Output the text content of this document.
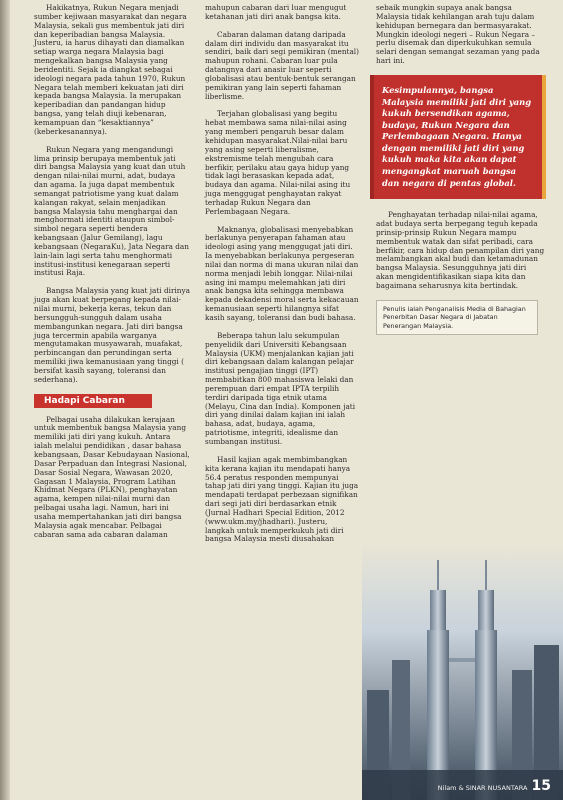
Hakikatnya, Rukun Negara menjadi sumber kejiwaan masyarakat dan negara Malaysia, sekali gus membentuk jati diri dan keperibadian bangsa Malaysia. Justeru, ia harus dihayati dan diamalkan setiap warga negara Malaysia bagi mengekalkan bangsa Malaysia yang beridentiti. Sejak ia diangkat sebagai ideologi negara pada tahun 1970, Rukun Negara telah memberi kekuatan jati diri kepada bangsa Malaysia. Ia merupakan keperibadian dan pandangan hidup bangsa, yang telah diuji kebenaran, kemampuan dan “kesaktiannya” (keberkesanannya).

Rukun Negara yang mengandungi lima prinsip berupaya membentuk jati diri bangsa Malaysia yang kuat dan utuh dengan nilai-nilai murni, adat, budaya dan agama. Ia juga dapat membentuk semangat patriotisme yang kuat dalam kalangan rakyat, selain menjadikan bangsa Malaysia tahu menghargai dan menghormati identiti ataupun simbol-simbol negara seperti bendera kebangsaan (Jalur Gemilang), lagu kebangsaan (NegaraKu), Jata Negara dan lain-lain lagi serta tahu menghormati institusi-institusi kenegaraan seperti institusi Raja.

Bangsa Malaysia yang kuat jati dirinya juga akan kuat berpegang kepada nilai-nilai murni, bekerja keras, tekun dan bersungguh-sungguh dalam usaha membangunkan negara. Jati diri bangsa juga tercermin apabila warganya mengutamakan musyawarah, muafakat, perbincangan dan perundingan serta memiliki jiwa kemanusiaan yang tinggi ( bersifat kasih sayang, toleransi dan sederhana).

Hadapi Cabaran

Pelbagai usaha dilakukan kerajaan untuk membentuk bangsa Malaysia yang memiliki jati diri yang kukuh. Antara ialah melalui pendidikan , dasar bahasa kebangsaan, Dasar Kebudayaan Nasional, Dasar Perpaduan dan Integrasi Nasional, Dasar Sosial Negara, Wawasan 2020, Gagasan 1 Malaysia, Program Latihan Khidmat Negara (PLKN), penghayatan agama, kempen nilai-nilai murni dan pelbagai usaha lagi. Namun, hari ini usaha mempertahankan jati diri bangsa Malaysia agak mencabar. Pelbagai cabaran sama ada cabaran dalaman

mahupun cabaran dari luar mengugut ketahanan jati diri anak bangsa kita.

Cabaran dalaman datang daripada dalam diri individu dan masyarakat itu sendiri, baik dari segi pemikiran (mental) mahupun rohani. Cabaran luar pula datangnya dari anasir luar seperti globalisasi atau bentuk-bentuk serangan pemikiran yang lain seperti fahaman liberlisme.

Terjahan globalisasi yang begitu hebat membawa sama nilai-nilai asing yang memberi pengaruh besar dalam kehidupan masyarakat.Nilai-nilai baru yang asing seperti liberalisme, ekstremisme telah mengubah cara berfikir, perilaku atau gaya hidup yang tidak lagi berasaskan kepada adat, budaya dan agama. Nilai-nilai asing itu juga menggugat penghayatan rakyat terhadap Rukun Negara dan Perlembagaan Negara.

Maknanya, globalisasi menyebabkan berlakunya penyerapan fahaman atau ideologi asing yang menggugat jati diri. Ia menyebabkan berlakunya pergeseran nilai dan norma di mana ukuran nilai dan norma menjadi lebih longgar. Nilai-nilai asing ini mampu melemahkan jati diri anak bangsa kita sehingga membawa kepada dekadensi moral serta kekacauan kemanusiaan seperti hilangnya sifat kasih sayang, toleransi dan budi bahasa.

Beberapa tahun lalu sekumpulan penyelidik dari Universiti Kebangsaan Malaysia (UKM) menjalankan kajian jati diri kebangsaan dalam kalangan pelajar institusi pengajian tinggi (IPT) membabitkan 800 mahasiswa lelaki dan perempuan dari empat IPTA terpilih terdiri daripada tiga etnik utama (Melayu, Cina dan India). Komponen jati diri yang dinilai dalam kajian ini ialah bahasa, adat, budaya, agama, patriotisme, integriti, idealisme dan sumbangan institusi.

Hasil kajian agak membimbangkan kita kerana kajian itu mendapati hanya 56.4 peratus responden mempunyai tahap jati diri yang tinggi. Kajian itu juga mendapati terdapat perbezaan signifikan dari segi jati diri berdasarkan etnik (Jurnal Hadhari Special Edition, 2012 (www.ukm.my/jhadhari). Justeru, langkah untuk memperkukuh jati diri bangsa Malaysia mesti diusahakan

sebaik mungkin supaya anak bangsa Malaysia tidak kehilangan arah tuju dalam kehidupan bernegara dan bermasyarakat. Mungkin ideologi negeri – Rukun Negara – perlu disemak dan diperkukuhkan semula selari dengan semangat sezaman yang pada hari ini.

Kesimpulannya, bangsa Malaysia memiliki jati diri yang kukuh bersendikan agama, budaya, Rukun Negara dan Perlembagaan Negara. Hanya dengan memiliki jati diri yang kukuh maka kita akan dapat mengangkat maruah bangsa dan negara di pentas global.

Penghayatan terhadap nilai-nilai agama, adat budaya serta berpegang teguh kepada prinsip-prinsip Rukun Negara mampu membentuk watak dan sifat peribadi, cara berfikir, cara hidup dan penampilan diri yang melambangkan akal budi dan ketamadunan bangsa Malaysia. Sesungguhnya jati diri akan mengidentifikasikan siapa kita dan bagaimana seharusnya kita bertindak.

Penulis ialah Penganalisis Media di Bahagian Penerbitan Dasar Negara di Jabatan Penerangan Malaysia.
Nilam & SINAR NUSANTARA 15
